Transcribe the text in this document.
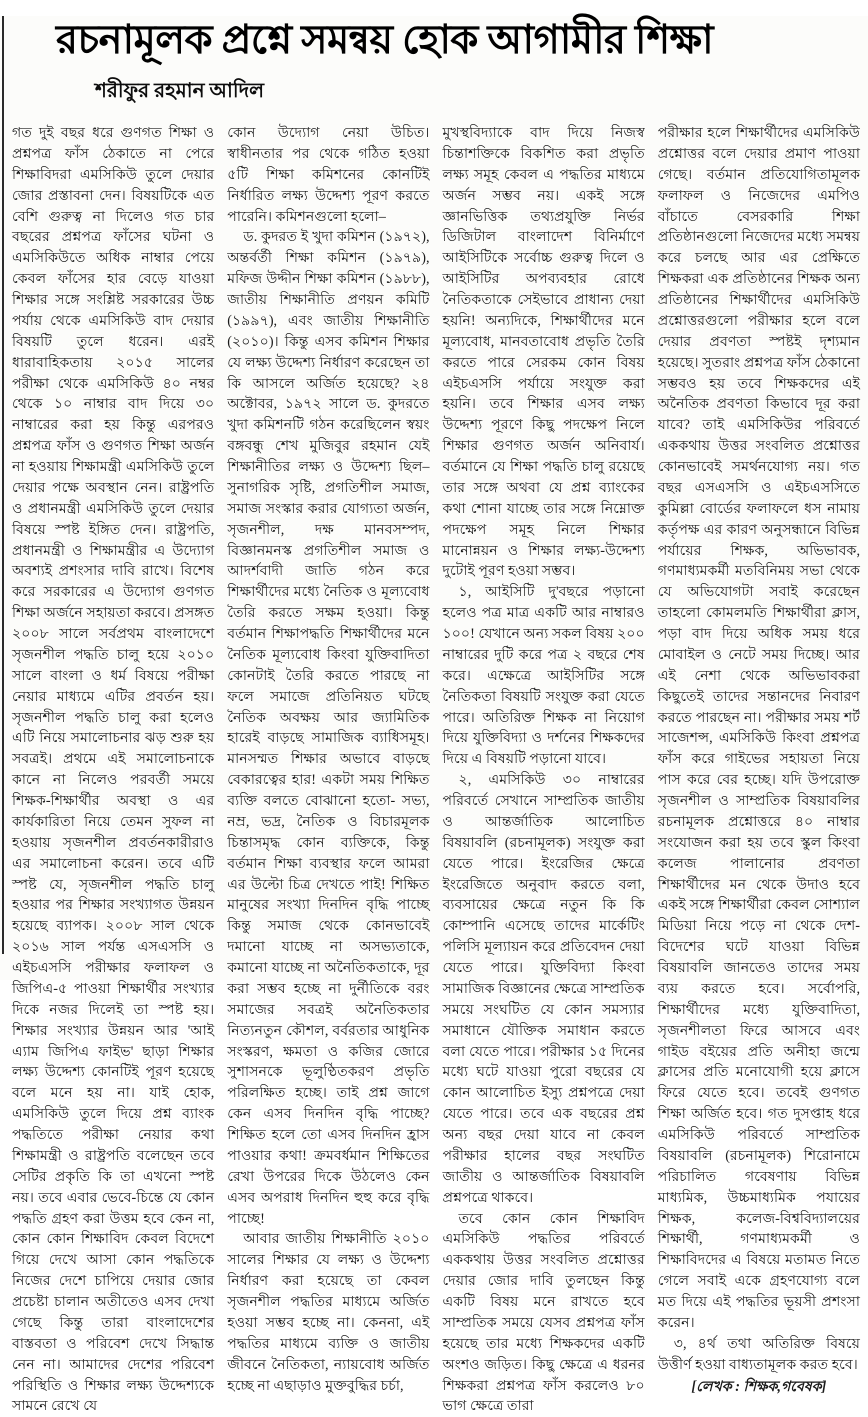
রচনামূলক প্রশ্নে সমন্বয় হোক আগামীর শিক্ষা
শরীফুর রহমান আদিল

গত দুই বছর ধরে গুণগত শিক্ষা ও প্রশ্নপত্র ফাঁস ঠেকাতে না পেরে শিক্ষাবিদরা এমসিকিউ তুলে দেয়ার জোর প্রস্তাবনা দেন। বিষয়টিকে এত বেশি গুরুত্ব না দিলেও গত চার বছরের প্রশ্নপত্র ফাঁসের ঘটনা ও এমসিকিউতে অধিক নাম্বার পেয়ে কেবল ফাঁসের হার বেড়ে যাওয়া শিক্ষার সঙ্গে সংশ্লিষ্ট সরকারের উচ্চ পর্যায় থেকে এমসিকিউ বাদ দেয়ার বিষয়টি তুলে ধরেন। এরই ধারাবাহিকতায় ২০১৫ সালের পরীক্ষা থেকে এমসিকিউ ৪০ নম্বর থেকে ১০ নাম্বার বাদ দিয়ে ৩০ নাম্বারের করা হয় কিন্তু এরপরও প্রশ্নপত্র ফাঁস ও গুণগত শিক্ষা অর্জন না হওয়ায় শিক্ষামন্ত্রী এমসিকিউ তুলে দেয়ার পক্ষে অবস্থান নেন। রাষ্ট্রপতি ও প্রধানমন্ত্রী এমসিকিউ তুলে দেয়ার বিষয়ে স্পষ্ট ইঙ্গিত দেন। রাষ্ট্রপতি, প্রধানমন্ত্রী ও শিক্ষামন্ত্রীর এ উদ্যোগ অবশ্যই প্রশংসার দাবি রাখে। বিশেষ করে সরকারের এ উদ্যোগ গুণগত শিক্ষা অর্জনে সহায়তা করবে। প্রসঙ্গত ২০০৮ সালে সর্বপ্রথম বাংলাদেশে সৃজনশীল পদ্ধতি চালু হয়ে ২০১০ সালে বাংলা ও ধর্ম বিষয়ে পরীক্ষা নেয়ার মাধ্যমে এটির প্রবর্তন হয়। সৃজনশীল পদ্ধতি চালু করা হলেও এটি নিয়ে সমালোচনার ঝড় শুরু হয় সবত্রই। প্রথমে এই সমালোচনাকে কানে না নিলেও পরবর্তী সময়ে শিক্ষক-শিক্ষার্থীর অবস্থা ও এর কার্যকারিতা নিয়ে তেমন সুফল না হওয়ায় সৃজনশীল প্রবর্তনকারীরাও এর সমালোচনা করেন। তবে এটি স্পষ্ট যে, সৃজনশীল পদ্ধতি চালু হওয়ার পর শিক্ষার সংখ্যাগত উন্নয়ন হয়েছে ব্যাপক। ২০০৮ সাল থেকে ২০১৬ সাল পর্যন্ত এসএসসি ও এইচএসসি পরীক্ষার ফলাফল ও জিপিএ-৫ পাওয়া শিক্ষার্থীর সংখ্যার দিকে নজর দিলেই তা স্পষ্ট হয়। শিক্ষার সংখ্যার উন্নয়ন আর 'আই এ্যাম জিপিএ ফাইভ' ছাড়া শিক্ষার লক্ষ্য উদ্দেশ্য কোনটিই পূরণ হয়েছে বলে মনে হয় না। যাই হোক, এমসিকিউ তুলে দিয়ে প্রশ্ন ব্যাংক পদ্ধতিতে পরীক্ষা নেয়ার কথা শিক্ষামন্ত্রী ও রাষ্ট্রপতি বলেছেন তবে সেটির প্রকৃতি কি তা এখনো স্পষ্ট নয়। তবে এবার ভেবে-চিন্তে যে কোন পদ্ধতি গ্রহণ করা উত্তম হবে কেন না, কোন কোন শিক্ষাবিদ কেবল বিদেশে গিয়ে দেখে আসা কোন পদ্ধতিকে নিজের দেশে চাপিয়ে দেয়ার জোর প্রচেষ্টা চালান অতীতেও এসব দেখা গেছে কিন্তু তারা বাংলাদেশের বাস্তবতা ও পরিবেশ দেখে সিদ্ধান্ত নেন না। আমাদের দেশের পরিবেশ পরিস্থিতি ও শিক্ষার লক্ষ্য উদ্দেশ্যকে সামনে রেখে যে

কোন উদ্যোগ নেয়া উচিত। স্বাধীনতার পর থেকে গঠিত হওয়া ৫টি শিক্ষা কমিশনের কোনটিই নির্ধারিত লক্ষ্য উদ্দেশ্য পূরণ করতে পারেনি। কমিশনগুলো হলো–

ড. কুদরত ই খুদা কমিশন (১৯৭২), অন্তর্বর্তী শিক্ষা কমিশন (১৯৭৯), মফিজ উদ্দীন শিক্ষা কমিশন (১৯৮৮), জাতীয় শিক্ষানীতি প্রণয়ন কমিটি (১৯৯৭), এবং জাতীয় শিক্ষানীতি (২০১০)। কিন্তু এসব কমিশন শিক্ষার যে লক্ষ্য উদ্দেশ্য নির্ধারণ করেছেন তা কি আসলে অর্জিত হয়েছে? ২৪ অক্টোবর, ১৯৭২ সালে ড. কুদরতে খুদা কমিশনটি গঠন করেছিলেন স্বয়ং বঙ্গবন্ধু শেখ মুজিবুর রহমান যেই শিক্ষানীতির লক্ষ্য ও উদ্দেশ্য ছিল– সুনাগরিক সৃষ্টি, প্রগতিশীল সমাজ, সমাজ সংস্কার করার যোগ্যতা অর্জন, সৃজনশীল, দক্ষ মানবসম্পদ, বিজ্ঞানমনস্ক প্রগতিশীল সমাজ ও আদর্শবাদী জাতি গঠন করে শিক্ষার্থীদের মধ্যে নৈতিক ও মূল্যবোধ তৈরি করতে সক্ষম হওয়া। কিন্তু বর্তমান শিক্ষাপদ্ধতি শিক্ষার্থীদের মনে নৈতিক মূল্যবোধ কিংবা যুক্তিবাদিতা কোনটাই তৈরি করতে পারছে না ফলে সমাজে প্রতিনিয়ত ঘটছে নৈতিক অবক্ষয় আর জ্যামিতিক হারেই বাড়ছে সামাজিক ব্যাধিসমূহ। মানসম্মত শিক্ষার অভাবে বাড়ছে বেকারত্বের হার! একটা সময় শিক্ষিত ব্যক্তি বলতে বোঝানো হতো- সভ্য, নম্র, ভদ্র, নৈতিক ও বিচারমূলক চিন্তাসমৃদ্ধ কোন ব্যক্তিকে, কিন্তু বর্তমান শিক্ষা ব্যবস্থার ফলে আমরা এর উল্টো চিত্র দেখতে পাই! শিক্ষিত মানুষের সংখ্যা দিনদিন বৃদ্ধি পাচ্ছে কিন্তু সমাজ থেকে কোনভাবেই দমানো যাচ্ছে না অসভ্যতাকে, কমানো যাচ্ছে না অনৈতিকতাকে, দূর করা সম্ভব হচ্ছে না দুর্নীতিকে বরং সমাজের সবত্রই অনৈতিকতার নিত্যনতুন কৌশল, বর্বরতার আধুনিক সংস্করণ, ক্ষমতা ও কজির জোরে সুশাসনকে ভূলুণ্ঠিতকরণ প্রভৃতি পরিলক্ষিত হচ্ছে। তাই প্রশ্ন জাগে কেন এসব দিনদিন বৃদ্ধি পাচ্ছে? শিক্ষিত হলে তো এসব দিনদিন হ্রাস পাওয়ার কথা! ক্রমবর্ধমান শিক্ষিতের রেখা উপরের দিকে উঠলেও কেন এসব অপরাধ দিনদিন হুহু করে বৃদ্ধি পাচ্ছে!

আবার জাতীয় শিক্ষানীতি ২০১০ সালের শিক্ষার যে লক্ষ্য ও উদ্দেশ্য নির্ধারণ করা হয়েছে তা কেবল সৃজনশীল পদ্ধতির মাধ্যমে অর্জিত হওয়া সম্ভব হচ্ছে না। কেননা, এই পদ্ধতির মাধ্যমে ব্যক্তি ও জাতীয় জীবনে নৈতিকতা, ন্যায়বোধ অর্জিত হচ্ছে না এছাড়াও মুক্তবুদ্ধির চর্চা,

মুখস্থবিদ্যাকে বাদ দিয়ে নিজস্ব চিন্তাশক্তিকে বিকশিত করা প্রভৃতি লক্ষ্য সমূহ কেবল এ পদ্ধতির মাধ্যমে অর্জন সম্ভব নয়। একই সঙ্গে জ্ঞানভিত্তিক তথ্যপ্রযুক্তি নির্ভর ডিজিটাল বাংলাদেশ বিনির্মাণে আইসিটিকে সর্বোচ্চ গুরুত্ব দিলে ও আইসিটির অপব্যবহার রোধে নৈতিকতাকে সেইভাবে প্রাধান্য দেয়া হয়নি! অন্যদিকে, শিক্ষার্থীদের মনে মূল্যবোধ, মানবতাবোধ প্রভৃতি তৈরি করতে পারে সেরকম কোন বিষয় এইচএসসি পর্যায়ে সংযুক্ত করা হয়নি। তবে শিক্ষার এসব লক্ষ্য উদ্দেশ্য পূরণে কিছু পদক্ষেপ নিলে শিক্ষার গুণগত অর্জন অনিবার্য। বর্তমানে যে শিক্ষা পদ্ধতি চালু রয়েছে তার সঙ্গে অথবা যে প্রশ্ন ব্যাংকের কথা শোনা যাচ্ছে তার সঙ্গে নিম্নোক্ত পদক্ষেপ সমূহ নিলে শিক্ষার মানোন্নয়ন ও শিক্ষার লক্ষ্য-উদ্দেশ্য দুটোই পূরণ হওয়া সম্ভব।

১, আইসিটি দু'বছরে পড়ানো হলেও পত্র মাত্র একটি আর নাম্বারও ১০০! যেখানে অন্য সকল বিষয় ২০০ নাম্বারের দুটি করে পত্র ২ বছরে শেষ করে। এক্ষেত্রে আইসিটির সঙ্গে নৈতিকতা বিষয়টি সংযুক্ত করা যেতে পারে। অতিরিক্ত শিক্ষক না নিয়োগ দিয়ে যুক্তিবিদ্যা ও দর্শনের শিক্ষকদের দিয়ে এ বিষয়টি পড়ানো যাবে।

২, এমসিকিউ ৩০ নাম্বারের পরিবর্তে সেখানে সাম্প্রতিক জাতীয় ও আন্তর্জাতিক আলোচিত বিষয়াবলি (রচনামূলক) সংযুক্ত করা যেতে পারে। ইংরেজির ক্ষেত্রে ইংরেজিতে অনুবাদ করতে বলা, ব্যবসায়ের ক্ষেত্রে নতুন কি কি কোম্পানি এসেছে তাদের মার্কেটিং পলিসি মূল্যায়ন করে প্রতিবেদন দেয়া যেতে পারে। যুক্তিবিদ্যা কিংবা সামাজিক বিজ্ঞানের ক্ষেত্রে সাম্প্রতিক সময়ে সংঘটিত যে কোন সমস্যার সমাধানে যৌক্তিক সমাধান করতে বলা যেতে পারে। পরীক্ষার ১৫ দিনের মধ্যে ঘটে যাওয়া পুরো বছরের যে কোন আলোচিত ইস্যু প্রশ্নপত্রে দেয়া যেতে পারে। তবে এক বছরের প্রশ্ন অন্য বছর দেয়া যাবে না কেবল পরীক্ষার হালের বছর সংঘটিত জাতীয় ও আন্তর্জাতিক বিষয়াবলি প্রশ্নপত্রে থাকবে।

তবে কোন কোন শিক্ষাবিদ এমসিকিউ পদ্ধতির পরিবর্তে এককথায় উত্তর সংবলিত প্রশ্নোত্তর দেয়ার জোর দাবি তুলছেন কিন্তু একটি বিষয় মনে রাখতে হবে সাম্প্রতিক সময়ে যেসব প্রশ্নপত্র ফাঁস হয়েছে তার মধ্যে শিক্ষকদের একটি অংশও জড়িত। কিছু ক্ষেত্রে এ ধরনর শিক্ষকরা প্রশ্নপত্র ফাঁস করলেও ৮০ ভাগ ক্ষেত্রে তারা

পরীক্ষার হলে শিক্ষার্থীদের এমসিকিউ প্রশ্নোত্তর বলে দেয়ার প্রমাণ পাওয়া গেছে। বর্তমান প্রতিযোগিতামূলক ফলাফল ও নিজেদের এমপিও বাঁচাতে বেসরকারি শিক্ষা প্রতিষ্ঠানগুলো নিজেদের মধ্যে সমন্বয় করে চলছে আর এর প্রেক্ষিতে শিক্ষকরা এক প্রতিষ্ঠানের শিক্ষক অন্য প্রতিষ্ঠানের শিক্ষার্থীদের এমসিকিউ প্রশ্নোত্তরগুলো পরীক্ষার হলে বলে দেয়ার প্রবণতা স্পষ্টই দৃশ্যমান হয়েছে। সুতরাং প্রশ্নপত্র ফাঁস ঠেকানো সম্ভবও হয় তবে শিক্ষকদের এই অনৈতিক প্রবণতা কিভাবে দূর করা যাবে? তাই এমসিকিউর পরিবর্তে এককথায় উত্তর সংবলিত প্রশ্নোত্তর কোনভাবেই সমর্থনযোগ্য নয়। গত বছর এসএসসি ও এইচএসসিতে কুমিল্লা বোর্ডের ফলাফলে ধস নামায় কর্তৃপক্ষ এর কারণ অনুসন্ধানে বিভিন্ন পর্যায়ের শিক্ষক, অভিভাবক, গণমাধ্যমকর্মী মতবিনিময় সভা থেকে যে অভিযোগটা সবাই করেছেন তাহলো কোমলমতি শিক্ষার্থীরা ক্লাস, পড়া বাদ দিয়ে অধিক সময় ধরে মোবাইল ও নেটে সময় দিচ্ছে। আর এই নেশা থেকে অভিভাবকরা কিছুতেই তাদের সন্তানদের নিবারণ করতে পারছেন না। পরীক্ষার সময় শর্ট সাজেশন্স, এমসিকিউ কিংবা প্রশ্নপত্র ফাঁস করে গাইভের সহায়তা নিয়ে পাস করে বের হচ্ছে। যদি উপরোক্ত সৃজনশীল ও সাম্প্রতিক বিষয়াবলির রচনামূলক প্রশ্নোত্তরে ৪০ নাম্বার সংযোজন করা হয় তবে স্কুল কিংবা কলেজ পালানোর প্রবণতা শিক্ষার্থীদের মন থেকে উদাও হবে একই সঙ্গে শিক্ষার্থীরা কেবল সোশ্যাল মিডিয়া নিয়ে পড়ে না থেকে দেশ-বিদেশের ঘটে যাওয়া বিভিন্ন বিষয়াবলি জানতেও তাদের সময় ব্যয় করতে হবে। সর্বোপরি, শিক্ষার্থীদের মধ্যে যুক্তিবাদিতা, সৃজনশীলতা ফিরে আসবে এবং গাইড বইয়ের প্রতি অনীহা জন্মে ক্লাসের প্রতি মনোযোগী হয়ে ক্লাসে ফিরে যেতে হবে। তবেই গুণগত শিক্ষা অর্জিত হবে। গত দুসপ্তাহ ধরে এমসিকিউ পরিবর্তে সাম্প্রতিক বিষয়াবলি (রচনামূলক) শিরোনামে পরিচালিত গবেষণায় বিভিন্ন মাধ্যমিক, উচ্চমাধ্যমিক পযায়ের শিক্ষক, কলেজ-বিশ্ববিদ্যালয়ের শিক্ষার্থী, গণমাধ্যমকর্মী ও শিক্ষাবিদদের এ বিষয়ে মতামত নিতে গেলে সবাই একে গ্রহণযোগ্য বলে মত দিয়ে এই পদ্ধতির ভূয়সী প্রশংসা করেন।

৩, ৪র্থ তথা অতিরিক্ত বিষয়ে উত্তীর্ণ হওয়া বাধ্যতামূলক করত হবে।

[লেখক : শিক্ষক,গবেষক]
